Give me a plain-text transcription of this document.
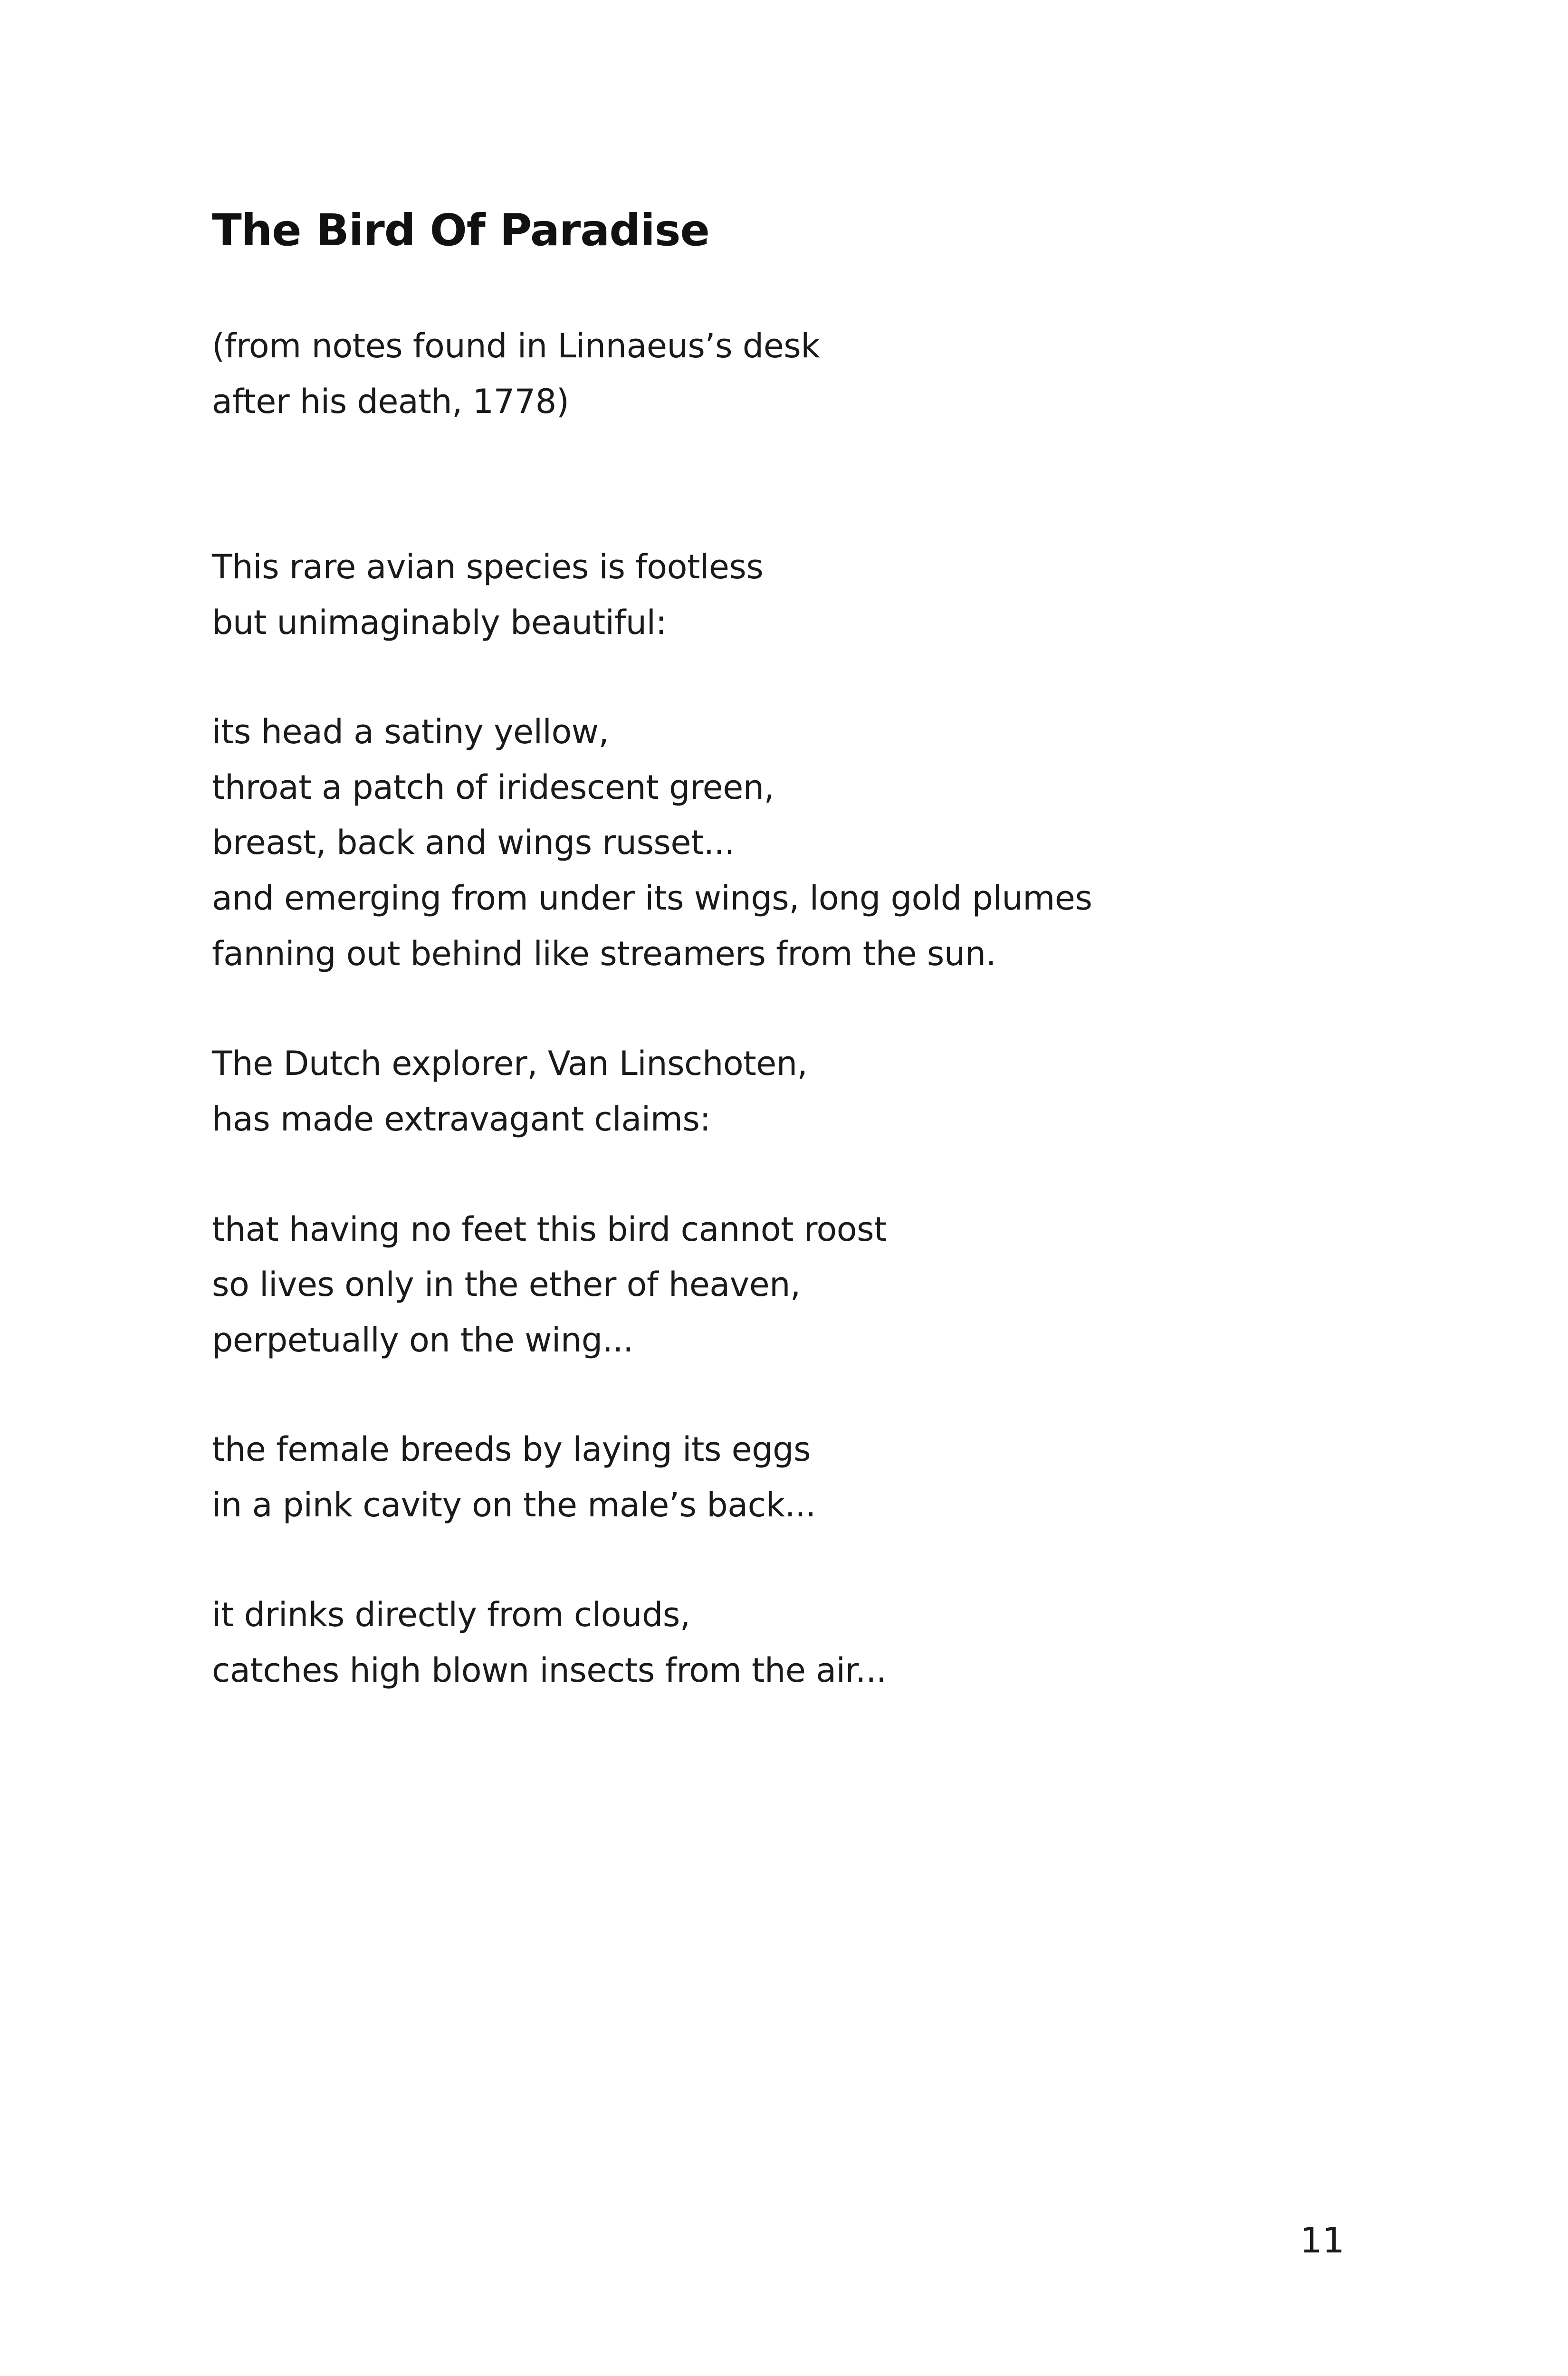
The Bird Of Paradise

(from notes found in Linnaeus’s desk

after his death, 1778)

This rare avian species is footless

but unimaginably beautiful:

its head a satiny yellow,

throat a patch of iridescent green,

breast, back and wings russet...

and emerging from under its wings, long gold plumes

fanning out behind like streamers from the sun.

The Dutch explorer, Van Linschoten,

has made extravagant claims:

that having no feet this bird cannot roost

so lives only in the ether of heaven,

perpetually on the wing...

the female breeds by laying its eggs

in a pink cavity on the male’s back...

it drinks directly from clouds,

catches high blown insects from the air...

11
